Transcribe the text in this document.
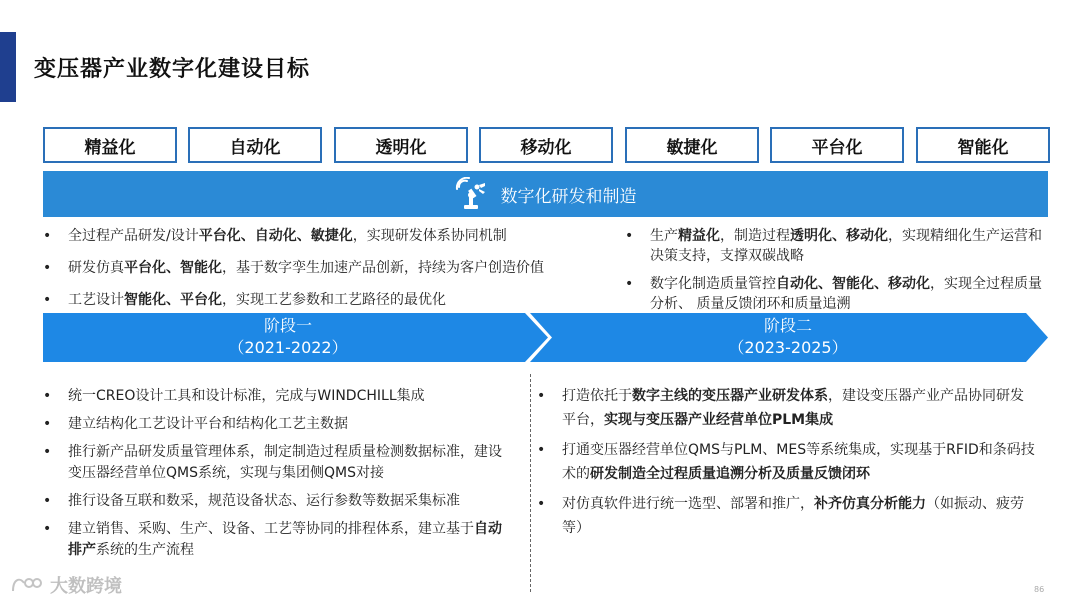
变压器产业数字化建设目标
精益化	自动化	透明化	移动化	敏捷化	平台化	智能化
数字化研发和制造
• 全过程产品研发/设计平台化、自动化、敏捷化，实现研发体系协同机制
• 研发仿真平台化、智能化，基于数字孪生加速产品创新，持续为客户创造价值
• 工艺设计智能化、平台化，实现工艺参数和工艺路径的最优化
• 生产精益化，制造过程透明化、移动化，实现精细化生产运营和决策支持，支撑双碳战略
• 数字化制造质量管控自动化、智能化、移动化，实现全过程质量分析、 质量反馈闭环和质量追溯
阶段一
（2021-2022）
阶段二
（2023-2025）
• 统一CREO设计工具和设计标准，完成与WINDCHILL集成
• 建立结构化工艺设计平台和结构化工艺主数据
• 推行新产品研发质量管理体系，制定制造过程质量检测数据标准，建设变压器经营单位QMS系统，实现与集团侧QMS对接
• 推行设备互联和数采，规范设备状态、运行参数等数据采集标准
• 建立销售、采购、生产、设备、工艺等协同的排程体系，建立基于自动排产系统的生产流程
• 打造依托于数字主线的变压器产业研发体系，建设变压器产业产品协同研发平台，实现与变压器产业经营单位PLM集成
• 打通变压器经营单位QMS与PLM、MES等系统集成，实现基于RFID和条码技术的研发制造全过程质量追溯分析及质量反馈闭环
• 对仿真软件进行统一选型、部署和推广，补齐仿真分析能力（如振动、疲劳等）
大数跨境	86
